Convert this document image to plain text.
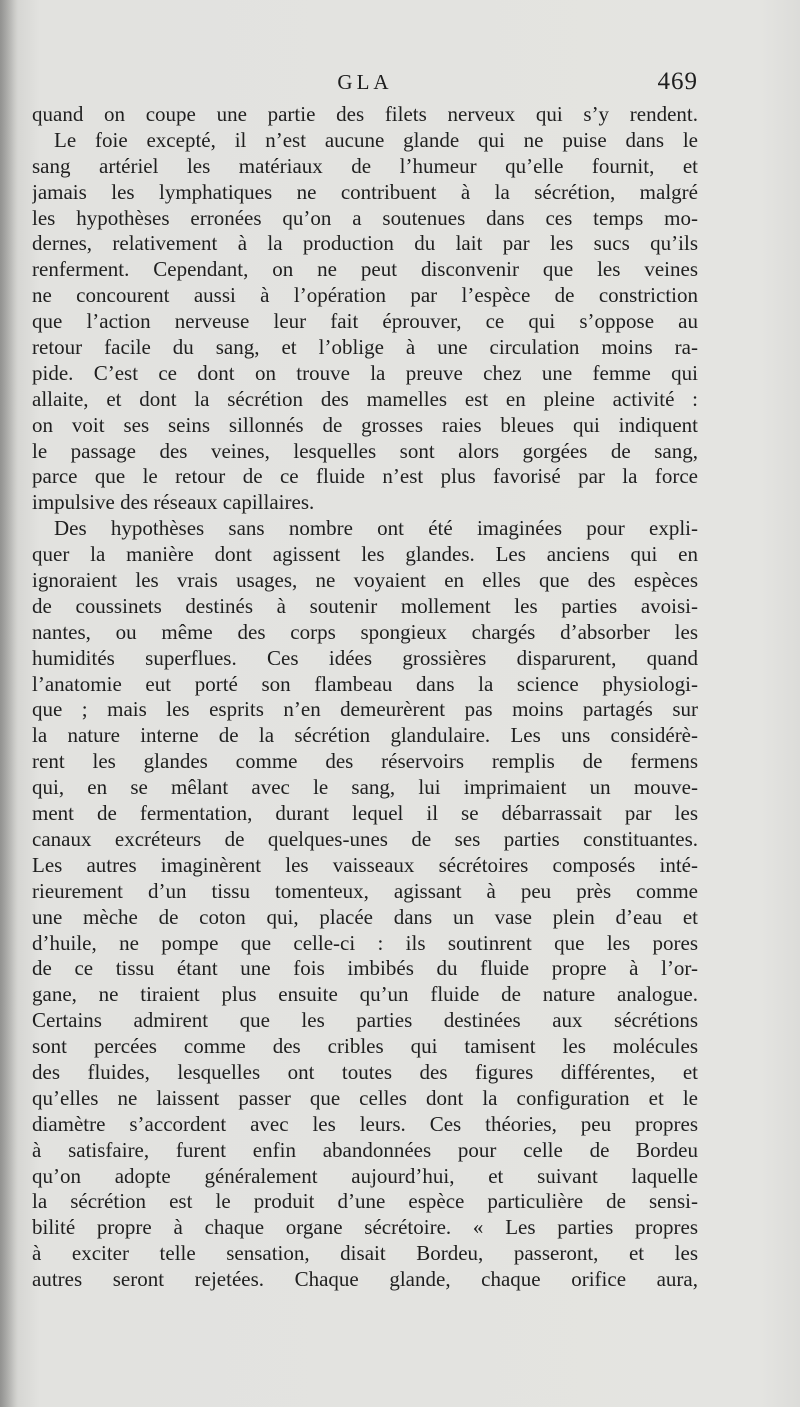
GLA	469
quand on coupe une partie des filets nerveux qui s’y rendent.
Le foie excepté, il n’est aucune glande qui ne puise dans le
sang artériel les matériaux de l’humeur qu’elle fournit, et
jamais les lymphatiques ne contribuent à la sécrétion, malgré
les hypothèses erronées qu’on a soutenues dans ces temps mo-
dernes, relativement à la production du lait par les sucs qu’ils
renferment. Cependant, on ne peut disconvenir que les veines
ne concourent aussi à l’opération par l’espèce de constriction
que l’action nerveuse leur fait éprouver, ce qui s’oppose au
retour facile du sang, et l’oblige à une circulation moins ra-
pide. C’est ce dont on trouve la preuve chez une femme qui
allaite, et dont la sécrétion des mamelles est en pleine activité :
on voit ses seins sillonnés de grosses raies bleues qui indiquent
le passage des veines, lesquelles sont alors gorgées de sang,
parce que le retour de ce fluide n’est plus favorisé par la force
impulsive des réseaux capillaires.
Des hypothèses sans nombre ont été imaginées pour expli-
quer la manière dont agissent les glandes. Les anciens qui en
ignoraient les vrais usages, ne voyaient en elles que des espèces
de coussinets destinés à soutenir mollement les parties avoisi-
nantes, ou même des corps spongieux chargés d’absorber les
humidités superflues. Ces idées grossières disparurent, quand
l’anatomie eut porté son flambeau dans la science physiologi-
que ; mais les esprits n’en demeurèrent pas moins partagés sur
la nature interne de la sécrétion glandulaire. Les uns considérè-
rent les glandes comme des réservoirs remplis de fermens
qui, en se mêlant avec le sang, lui imprimaient un mouve-
ment de fermentation, durant lequel il se débarrassait par les
canaux excréteurs de quelques-unes de ses parties constituantes.
Les autres imaginèrent les vaisseaux sécrétoires composés inté-
rieurement d’un tissu tomenteux, agissant à peu près comme
une mèche de coton qui, placée dans un vase plein d’eau et
d’huile, ne pompe que celle-ci : ils soutinrent que les pores
de ce tissu étant une fois imbibés du fluide propre à l’or-
gane, ne tiraient plus ensuite qu’un fluide de nature analogue.
Certains admirent que les parties destinées aux sécrétions
sont percées comme des cribles qui tamisent les molécules
des fluides, lesquelles ont toutes des figures différentes, et
qu’elles ne laissent passer que celles dont la configuration et le
diamètre s’accordent avec les leurs. Ces théories, peu propres
à satisfaire, furent enfin abandonnées pour celle de Bordeu
qu’on adopte généralement aujourd’hui, et suivant laquelle
la sécrétion est le produit d’une espèce particulière de sensi-
bilité propre à chaque organe sécrétoire. « Les parties propres
à exciter telle sensation, disait Bordeu, passeront, et les
autres seront rejetées. Chaque glande, chaque orifice aura,
